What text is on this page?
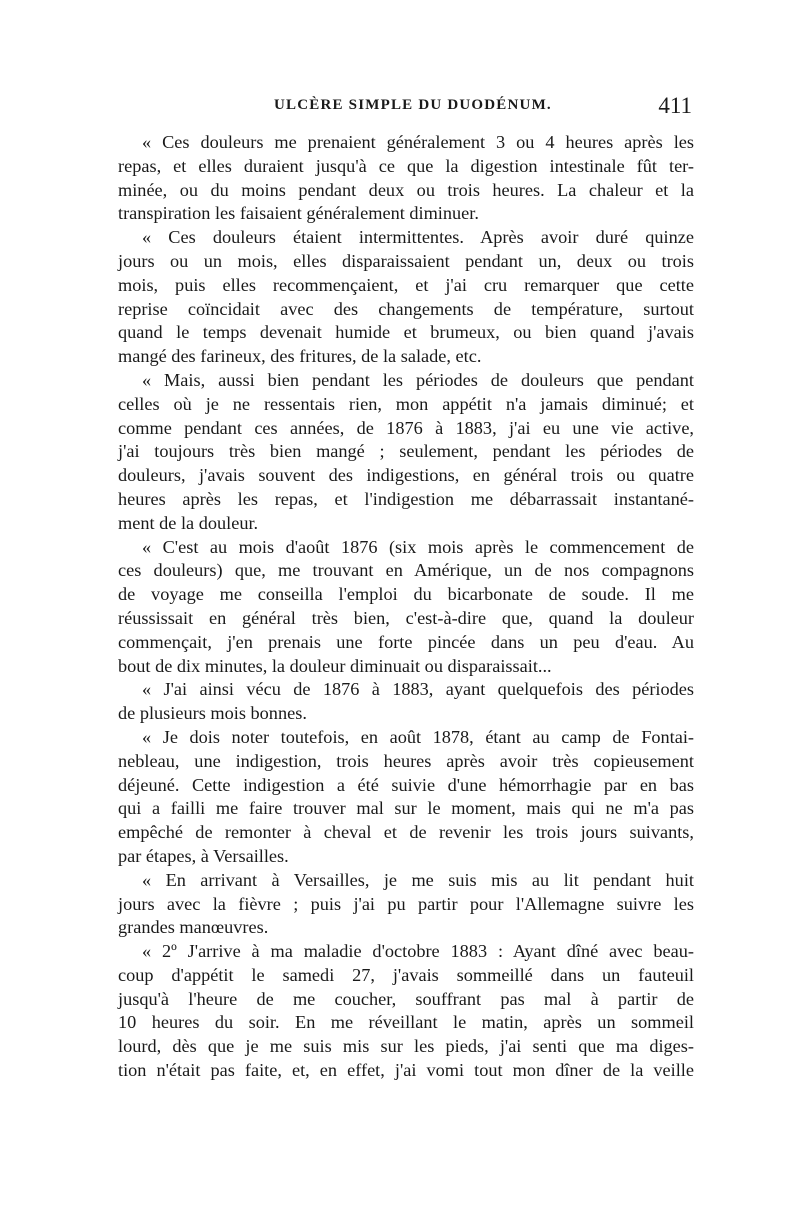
ULCÈRE SIMPLE DU DUODÉNUM.	411
« Ces douleurs me prenaient généralement 3 ou 4 heures après les
repas, et elles duraient jusqu'à ce que la digestion intestinale fût ter-
minée, ou du moins pendant deux ou trois heures. La chaleur et la
transpiration les faisaient généralement diminuer.
« Ces douleurs étaient intermittentes. Après avoir duré quinze
jours ou un mois, elles disparaissaient pendant un, deux ou trois
mois, puis elles recommençaient, et j'ai cru remarquer que cette
reprise coïncidait avec des changements de température, surtout
quand le temps devenait humide et brumeux, ou bien quand j'avais
mangé des farineux, des fritures, de la salade, etc.
« Mais, aussi bien pendant les périodes de douleurs que pendant
celles où je ne ressentais rien, mon appétit n'a jamais diminué; et
comme pendant ces années, de 1876 à 1883, j'ai eu une vie active,
j'ai toujours très bien mangé ; seulement, pendant les périodes de
douleurs, j'avais souvent des indigestions, en général trois ou quatre
heures après les repas, et l'indigestion me débarrassait instantané-
ment de la douleur.
« C'est au mois d'août 1876 (six mois après le commencement de
ces douleurs) que, me trouvant en Amérique, un de nos compagnons
de voyage me conseilla l'emploi du bicarbonate de soude. Il me
réussissait en général très bien, c'est-à-dire que, quand la douleur
commençait, j'en prenais une forte pincée dans un peu d'eau. Au
bout de dix minutes, la douleur diminuait ou disparaissait...
« J'ai ainsi vécu de 1876 à 1883, ayant quelquefois des périodes
de plusieurs mois bonnes.
« Je dois noter toutefois, en août 1878, étant au camp de Fontai-
nebleau, une indigestion, trois heures après avoir très copieusement
déjeuné. Cette indigestion a été suivie d'une hémorrhagie par en bas
qui a failli me faire trouver mal sur le moment, mais qui ne m'a pas
empêché de remonter à cheval et de revenir les trois jours suivants,
par étapes, à Versailles.
« En arrivant à Versailles, je me suis mis au lit pendant huit
jours avec la fièvre ; puis j'ai pu partir pour l'Allemagne suivre les
grandes manœuvres.
« 2º J'arrive à ma maladie d'octobre 1883 : Ayant dîné avec beau-
coup d'appétit le samedi 27, j'avais sommeillé dans un fauteuil
jusqu'à l'heure de me coucher, souffrant pas mal à partir de
10 heures du soir. En me réveillant le matin, après un sommeil
lourd, dès que je me suis mis sur les pieds, j'ai senti que ma diges-
tion n'était pas faite, et, en effet, j'ai vomi tout mon dîner de la veille
